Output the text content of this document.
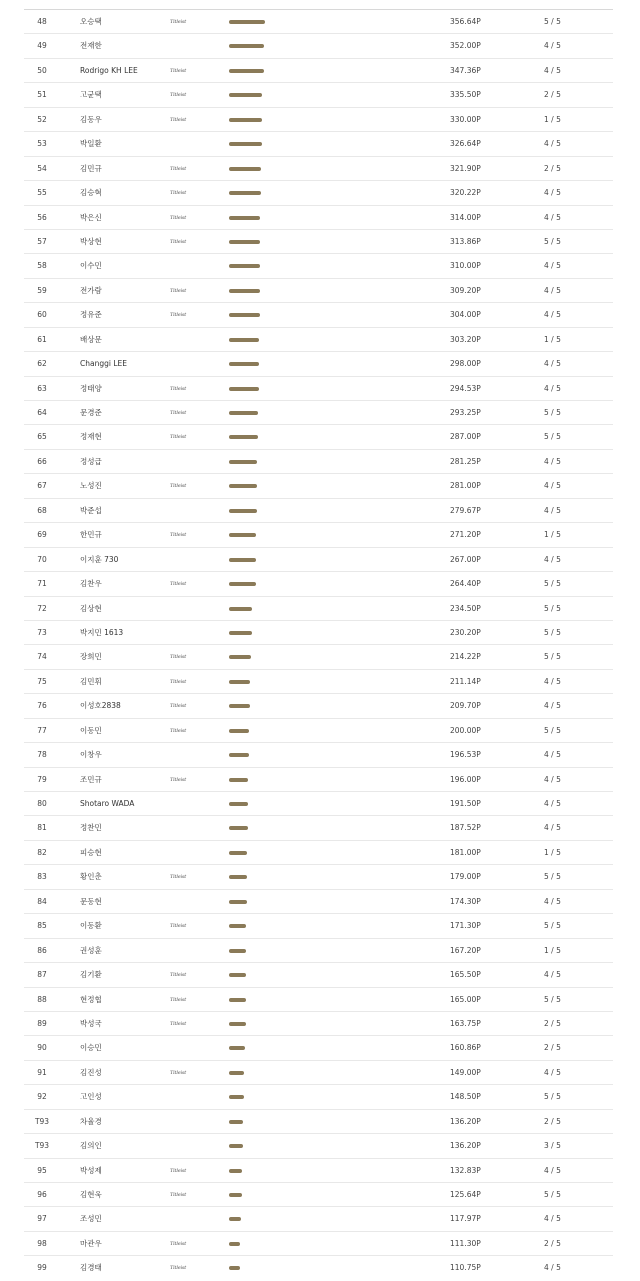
48	오승택	Titleist	356.64P	5 / 5
49	전재한	352.00P	4 / 5
50	Rodrigo KH LEE	Titleist	347.36P	4 / 5
51	고균택	Titleist	335.50P	2 / 5
52	김동우	Titleist	330.00P	1 / 5
53	박일환	326.64P	4 / 5
54	김민규	Titleist	321.90P	2 / 5
55	김승혁	Titleist	320.22P	4 / 5
56	박은신	Titleist	314.00P	4 / 5
57	박상현	Titleist	313.86P	5 / 5
58	이수민	310.00P	4 / 5
59	전가람	Titleist	309.20P	4 / 5
60	정유준	Titleist	304.00P	4 / 5
61	배상문	303.20P	1 / 5
62	Changgi LEE	298.00P	4 / 5
63	정태양	Titleist	294.53P	4 / 5
64	문경준	Titleist	293.25P	5 / 5
65	정재현	Titleist	287.00P	5 / 5
66	정성급	281.25P	4 / 5
67	노성진	Titleist	281.00P	4 / 5
68	박준섭	279.67P	4 / 5
69	한민규	Titleist	271.20P	1 / 5
70	이지훈 730	267.00P	4 / 5
71	김찬우	Titleist	264.40P	5 / 5
72	김상현	234.50P	5 / 5
73	박지민 1613	230.20P	5 / 5
74	장희민	Titleist	214.22P	5 / 5
75	김민휘	Titleist	211.14P	4 / 5
76	이성호2838	Titleist	209.70P	4 / 5
77	이동민	Titleist	200.00P	5 / 5
78	이창우	196.53P	4 / 5
79	조민규	Titleist	196.00P	4 / 5
80	Shotaro WADA	191.50P	4 / 5
81	정찬민	187.52P	4 / 5
82	피승현	181.00P	1 / 5
83	황인춘	Titleist	179.00P	5 / 5
84	문동현	174.30P	4 / 5
85	이동환	Titleist	171.30P	5 / 5
86	권성훈	167.20P	1 / 5
87	김기환	Titleist	165.50P	4 / 5
88	현정협	Titleist	165.00P	5 / 5
89	박성국	Titleist	163.75P	2 / 5
90	이승민	160.86P	2 / 5
91	김진성	Titleist	149.00P	4 / 5
92	고인성	148.50P	5 / 5
T93	차율경	136.20P	2 / 5
T93	김의인	136.20P	3 / 5
95	박성제	Titleist	132.83P	4 / 5
96	김현욱	Titleist	125.64P	5 / 5
97	조성민	117.97P	4 / 5
98	마관우	Titleist	111.30P	2 / 5
99	김경태	Titleist	110.75P	4 / 5
